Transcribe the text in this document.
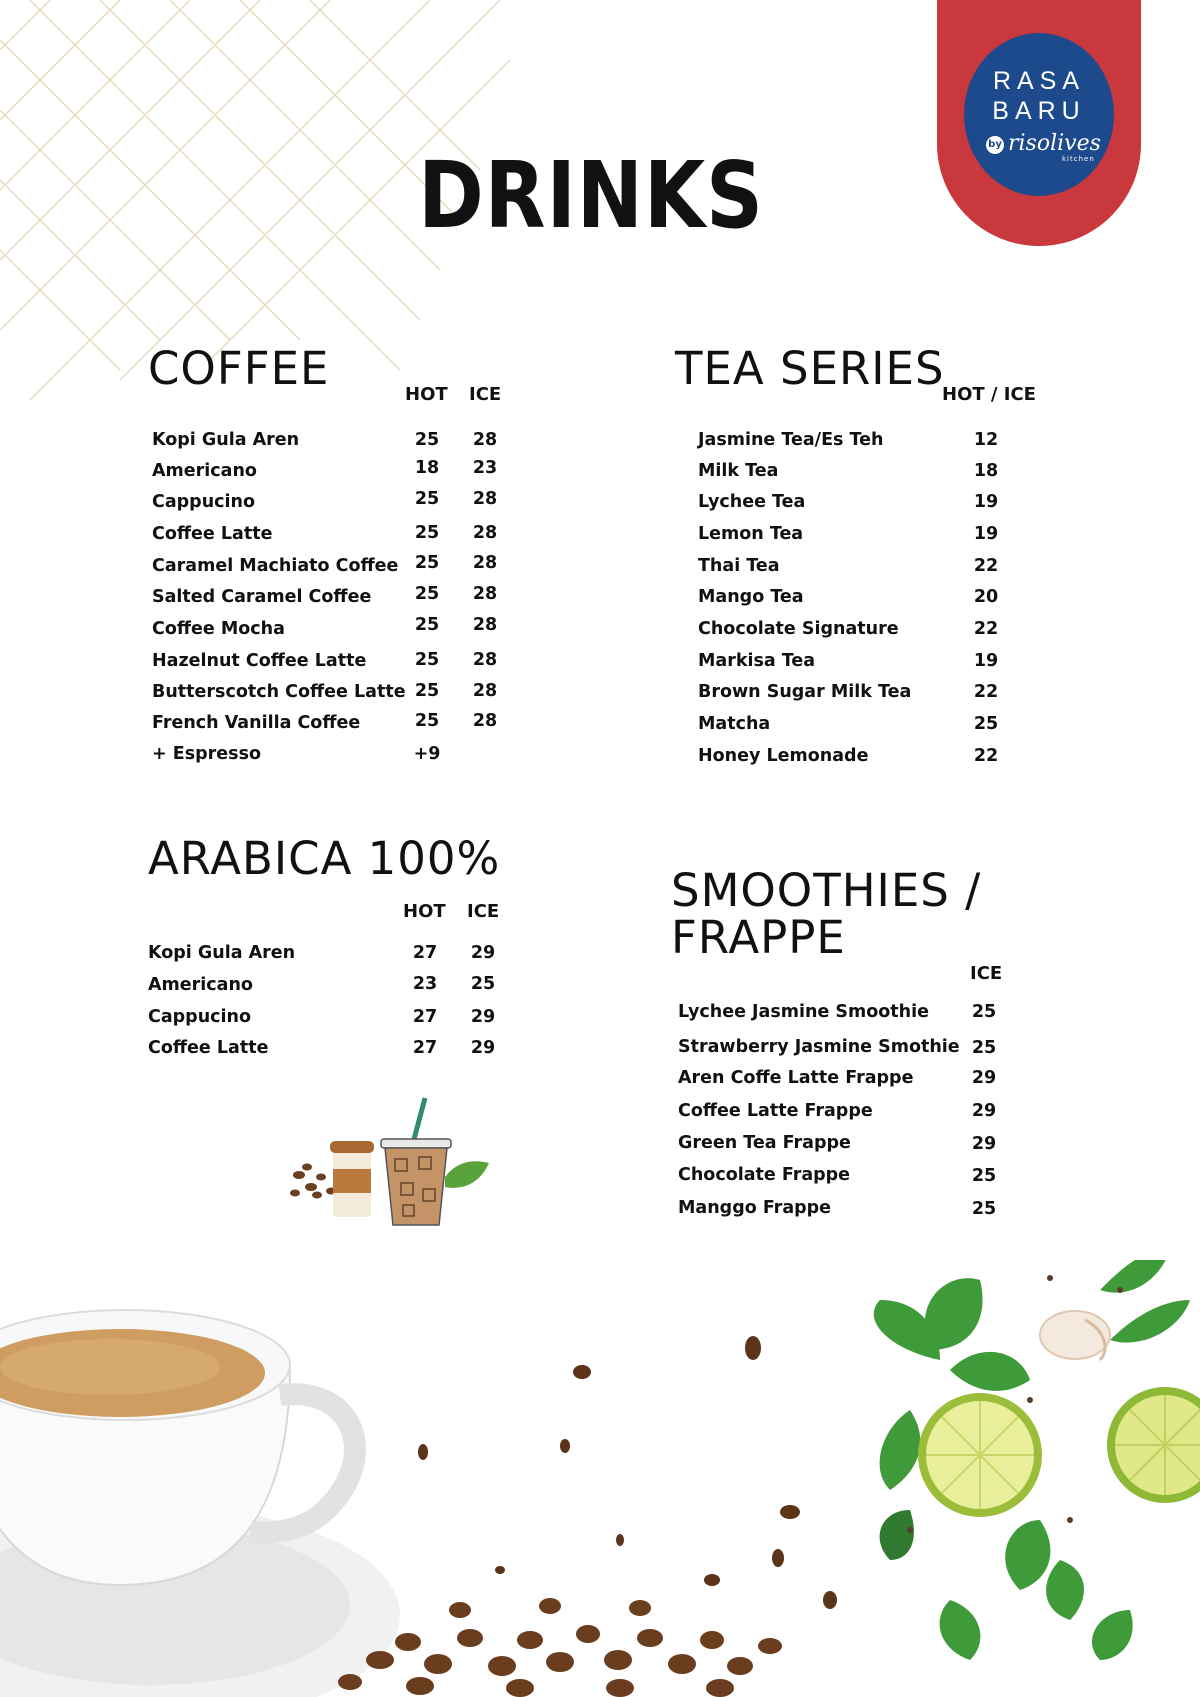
RASA
BARU
by risolives
kitchen
DRINKS
COFFEE	HOT ICE
Kopi Gula Aren	25	28
Americano	18	23
Cappucino	25	28
Coffee Latte	25	28
Caramel Machiato Coffee 25	28
Salted Caramel Coffee	25	28
Coffee Mocha	25	28
Hazelnut Coffee Latte	25	28
Butterscotch Coffee Latte 25	28
French Vanilla Coffee	25	28
+ Espresso	+9
TEA SERIES
HOT / ICE
Jasmine Tea/Es Teh	12
Milk Tea	18
Lychee Tea	19
Lemon Tea	19
Thai Tea	22
Mango Tea	20
Chocolate Signature	22
Markisa Tea	19
Brown Sugar Milk Tea	22
Matcha	25
Honey Lemonade	22
ARABICA 100%
HOT ICE
Kopi Gula Aren	27	29
Americano	23	25
Cappucino	27	29
Coffee Latte	27	29
SMOOTHIES /
FRAPPE
ICE
Lychee Jasmine Smoothie	25
Strawberry Jasmine Smothie 25
Aren Coffe Latte Frappe	29
Coffee Latte Frappe	29
Green Tea Frappe	29
Chocolate Frappe	25
Manggo Frappe	25
